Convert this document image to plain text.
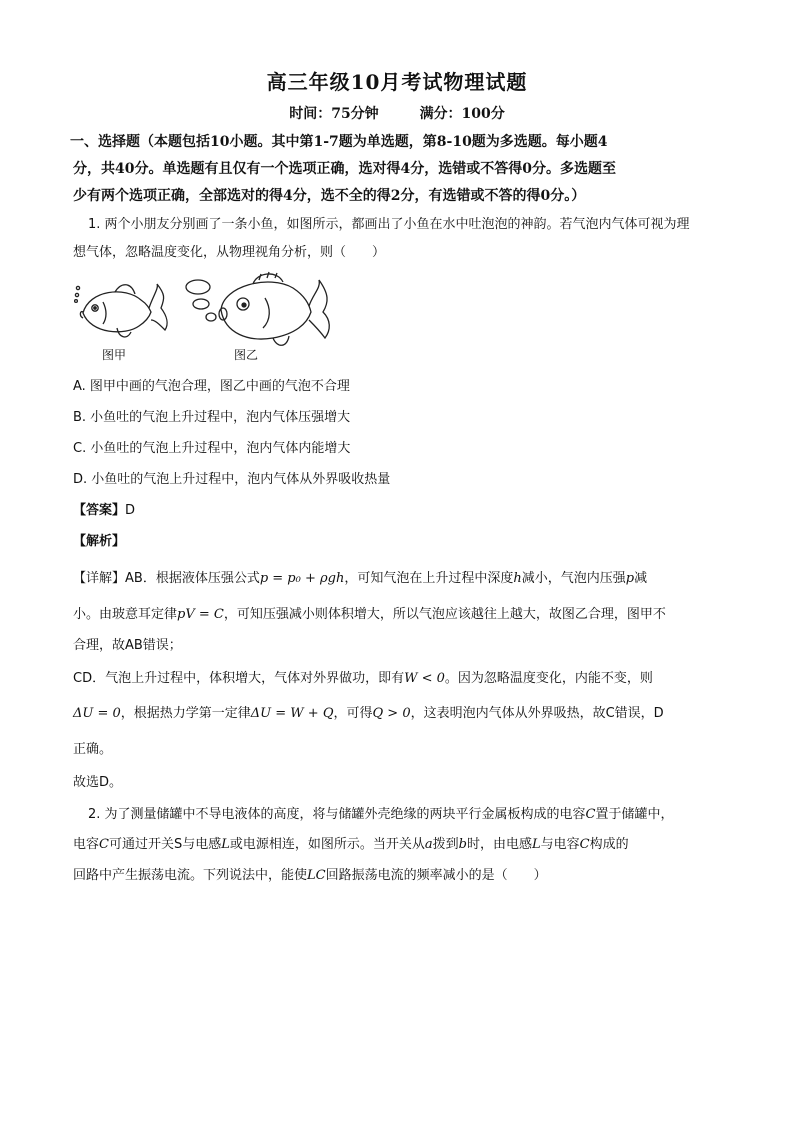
高三年级10月考试物理试题
时间：75分钟	满分：100分
一、选择题（本题包括10小题。其中第1-7题为单选题，第8-10题为多选题。每小题4
分，共40分。单选题有且仅有一个选项正确，选对得4分，选错或不答得0分。多选题至
少有两个选项正确，全部选对的得4分，选不全的得2分，有选错或不答的得0分。）
1. 两个小朋友分别画了一条小鱼，如图所示，都画出了小鱼在水中吐泡泡的神韵。若气泡内气体可视为理
想气体，忽略温度变化，从物理视角分析，则（　　）
图甲	图乙
A. 图甲中画的气泡合理，图乙中画的气泡不合理
B. 小鱼吐的气泡上升过程中，泡内气体压强增大
C. 小鱼吐的气泡上升过程中，泡内气体内能增大
D. 小鱼吐的气泡上升过程中，泡内气体从外界吸收热量
【答案】D
【解析】
【详解】AB．根据液体压强公式p = p₀ + ρgh，可知气泡在上升过程中深度h减小，气泡内压强p减
小。由玻意耳定律pV = C，可知压强减小则体积增大，所以气泡应该越往上越大，故图乙合理，图甲不
合理，故AB错误；
CD．气泡上升过程中，体积增大，气体对外界做功，即有W < 0。因为忽略温度变化，内能不变，则
ΔU = 0，根据热力学第一定律ΔU = W + Q，可得Q > 0，这表明泡内气体从外界吸热，故C错误，D
正确。
故选D。
2. 为了测量储罐中不导电液体的高度，将与储罐外壳绝缘的两块平行金属板构成的电容C置于储罐中，
电容C可通过开关S与电感L或电源相连，如图所示。当开关从a拨到b时，由电感L与电容C构成的
回路中产生振荡电流。下列说法中，能使LC回路振荡电流的频率减小的是（　　）
